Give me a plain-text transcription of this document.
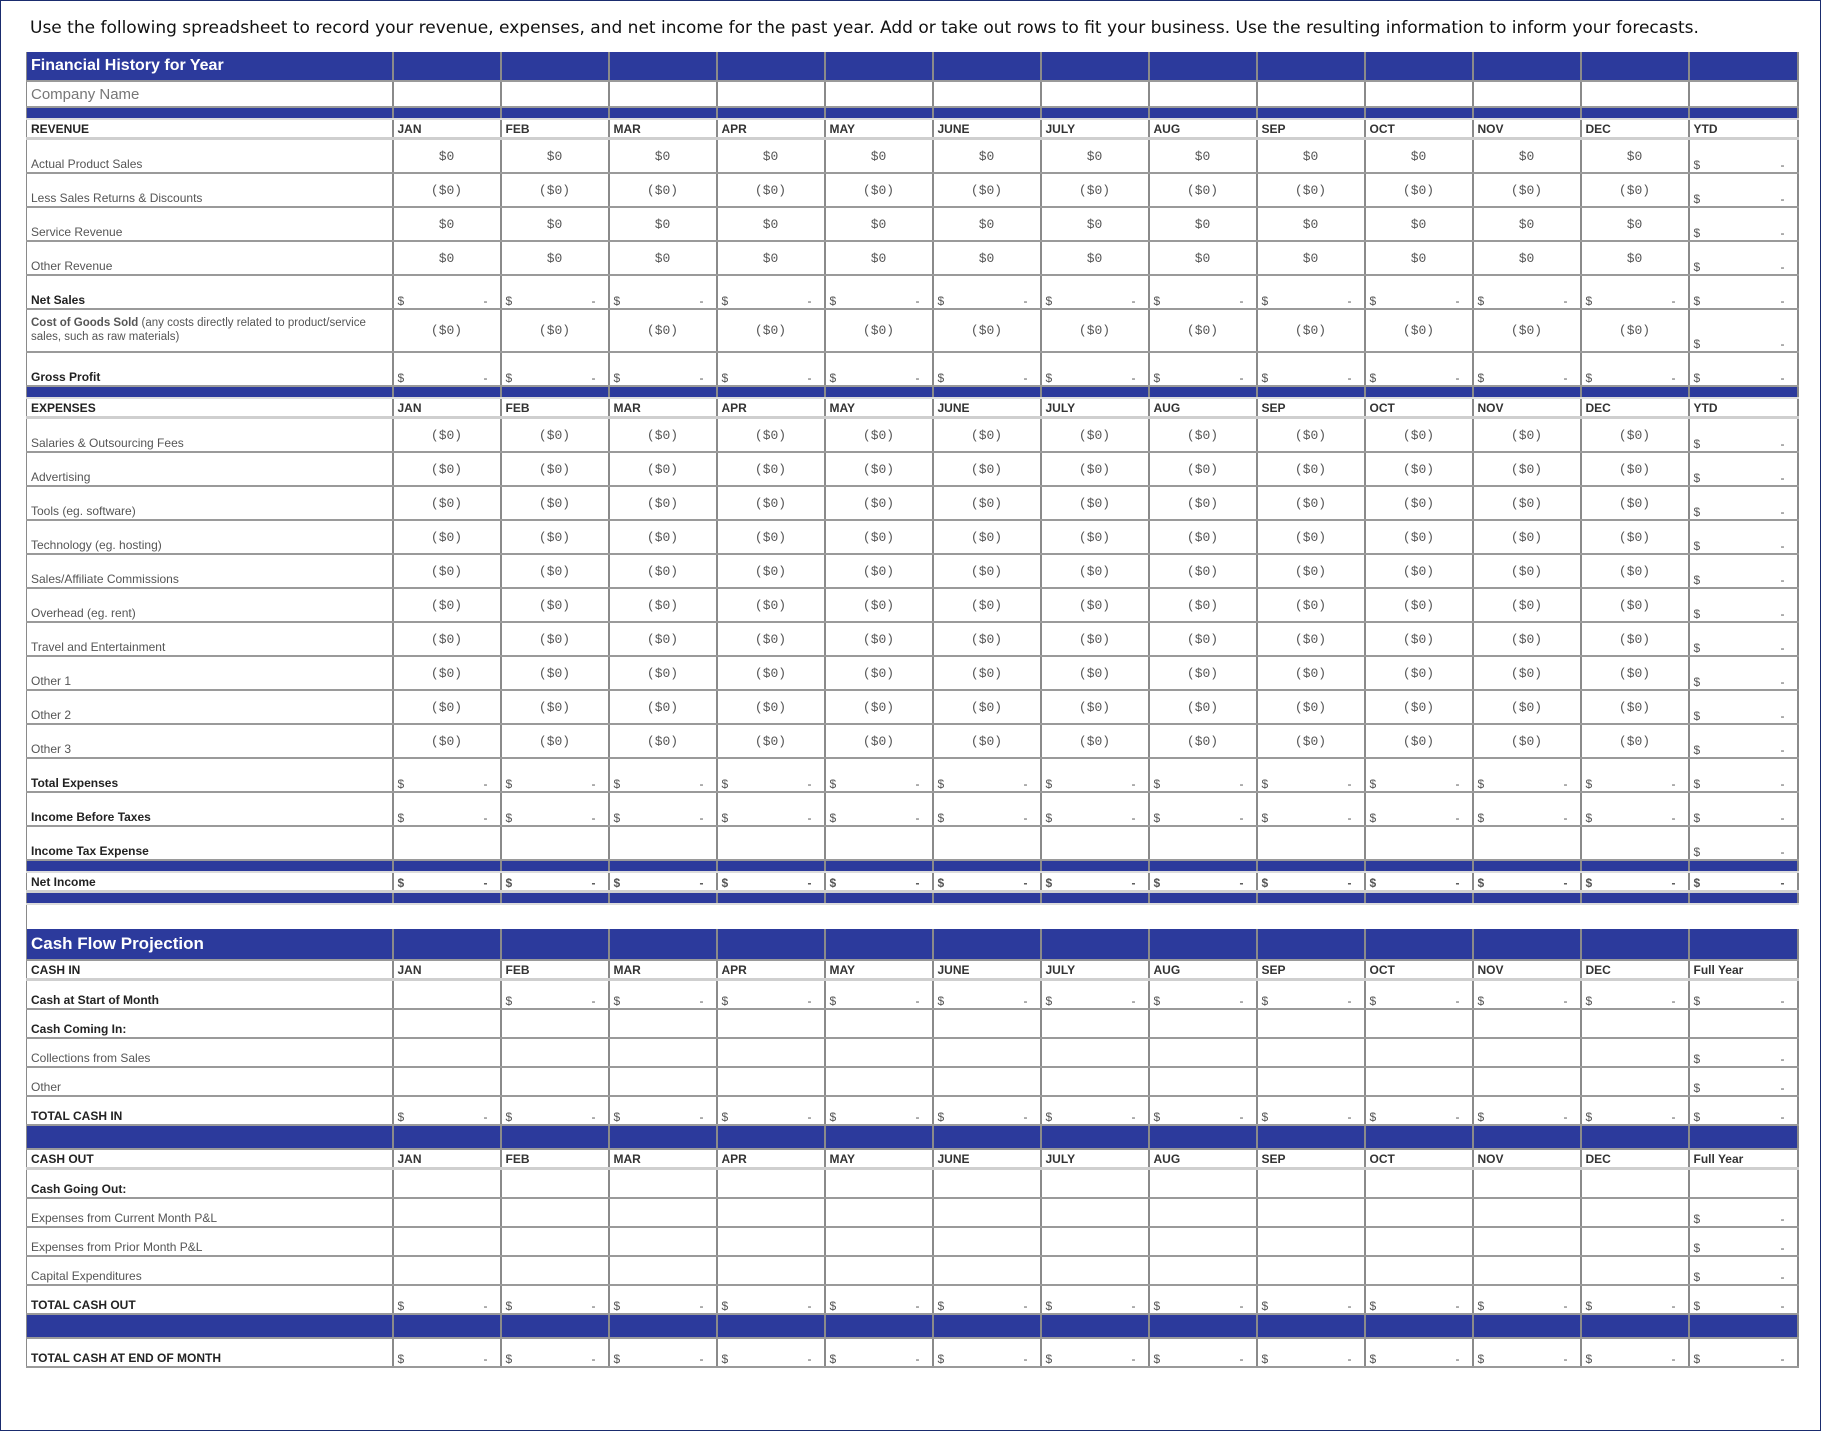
Use the following spreadsheet to record your revenue, expenses, and net income for the past year. Add or take out rows to fit your business. Use the resulting information to inform your forecasts.
Financial History for Year													
Company Name													

REVENUE	JAN	FEB	MAR	APR	MAY	JUNE	JULY	AUG	SEP	OCT	NOV	DEC	YTD
Actual Product Sales	$0	$0	$0	$0	$0	$0	$0	$0	$0	$0	$0	$0	$ -

Less Sales Returns & Discounts	($0)	($0)	($0)	($0)	($0)	($0)	($0)	($0)	($0)	($0)	($0)	($0)	$ -

Service Revenue	$0	$0	$0	$0	$0	$0	$0	$0	$0	$0	$0	$0	$ -

Other Revenue	$0	$0	$0	$0	$0	$0	$0	$0	$0	$0	$0	$0	$ -

Net Sales	$ -	$ -	$ -	$ -	$ -	$ -	$ -	$ -	$ -	$ -	$ -	$ -	$ -

Cost of Goods Sold (any costs directly related to product/service sales, such as raw materials)	($0)	($0)	($0)	($0)	($0)	($0)	($0)	($0)	($0)	($0)	($0)	($0)	$ -

Gross Profit	$ -	$ -	$ -	$ -	$ -	$ -	$ -	$ -	$ -	$ -	$ -	$ -	$ -

EXPENSES	JAN	FEB	MAR	APR	MAY	JUNE	JULY	AUG	SEP	OCT	NOV	DEC	YTD
Salaries & Outsourcing Fees	($0)	($0)	($0)	($0)	($0)	($0)	($0)	($0)	($0)	($0)	($0)	($0)	$ -

Advertising	($0)	($0)	($0)	($0)	($0)	($0)	($0)	($0)	($0)	($0)	($0)	($0)	$ -

Tools (eg. software)	($0)	($0)	($0)	($0)	($0)	($0)	($0)	($0)	($0)	($0)	($0)	($0)	$ -

Technology (eg. hosting)	($0)	($0)	($0)	($0)	($0)	($0)	($0)	($0)	($0)	($0)	($0)	($0)	$ -

Sales/Affiliate Commissions	($0)	($0)	($0)	($0)	($0)	($0)	($0)	($0)	($0)	($0)	($0)	($0)	$ -

Overhead (eg. rent)	($0)	($0)	($0)	($0)	($0)	($0)	($0)	($0)	($0)	($0)	($0)	($0)	$ -

Travel and Entertainment	($0)	($0)	($0)	($0)	($0)	($0)	($0)	($0)	($0)	($0)	($0)	($0)	$ -

Other 1	($0)	($0)	($0)	($0)	($0)	($0)	($0)	($0)	($0)	($0)	($0)	($0)	$ -

Other 2	($0)	($0)	($0)	($0)	($0)	($0)	($0)	($0)	($0)	($0)	($0)	($0)	$ -

Other 3	($0)	($0)	($0)	($0)	($0)	($0)	($0)	($0)	($0)	($0)	($0)	($0)	$ -

Total Expenses	$ -	$ -	$ -	$ -	$ -	$ -	$ -	$ -	$ -	$ -	$ -	$ -	$ -

Income Before Taxes	$ -	$ -	$ -	$ -	$ -	$ -	$ -	$ -	$ -	$ -	$ -	$ -	$ -

Income Tax Expense													$ -

Net Income	$ -	$ -	$ -	$ -	$ -	$ -	$ -	$ -	$ -	$ -	$ -	$ -	$ -

Cash Flow Projection													
CASH IN	JAN	FEB	MAR	APR	MAY	JUNE	JULY	AUG	SEP	OCT	NOV	DEC	Full Year
Cash at Start of Month		$ -	$ -	$ -	$ -	$ -	$ -	$ -	$ -	$ -	$ -	$ -	$ -

Cash Coming In:													
Collections from Sales													$ -

Other													$ -

TOTAL CASH IN	$ -	$ -	$ -	$ -	$ -	$ -	$ -	$ -	$ -	$ -	$ -	$ -	$ -

CASH OUT	JAN	FEB	MAR	APR	MAY	JUNE	JULY	AUG	SEP	OCT	NOV	DEC	Full Year
Cash Going Out:													
Expenses from Current Month P&L													$ -

Expenses from Prior Month P&L													$ -

Capital Expenditures													$ -

TOTAL CASH OUT	$ -	$ -	$ -	$ -	$ -	$ -	$ -	$ -	$ -	$ -	$ -	$ -	$ -

TOTAL CASH AT END OF MONTH	$ -	$ -	$ -	$ -	$ -	$ -	$ -	$ -	$ -	$ -	$ -	$ -	$ -
